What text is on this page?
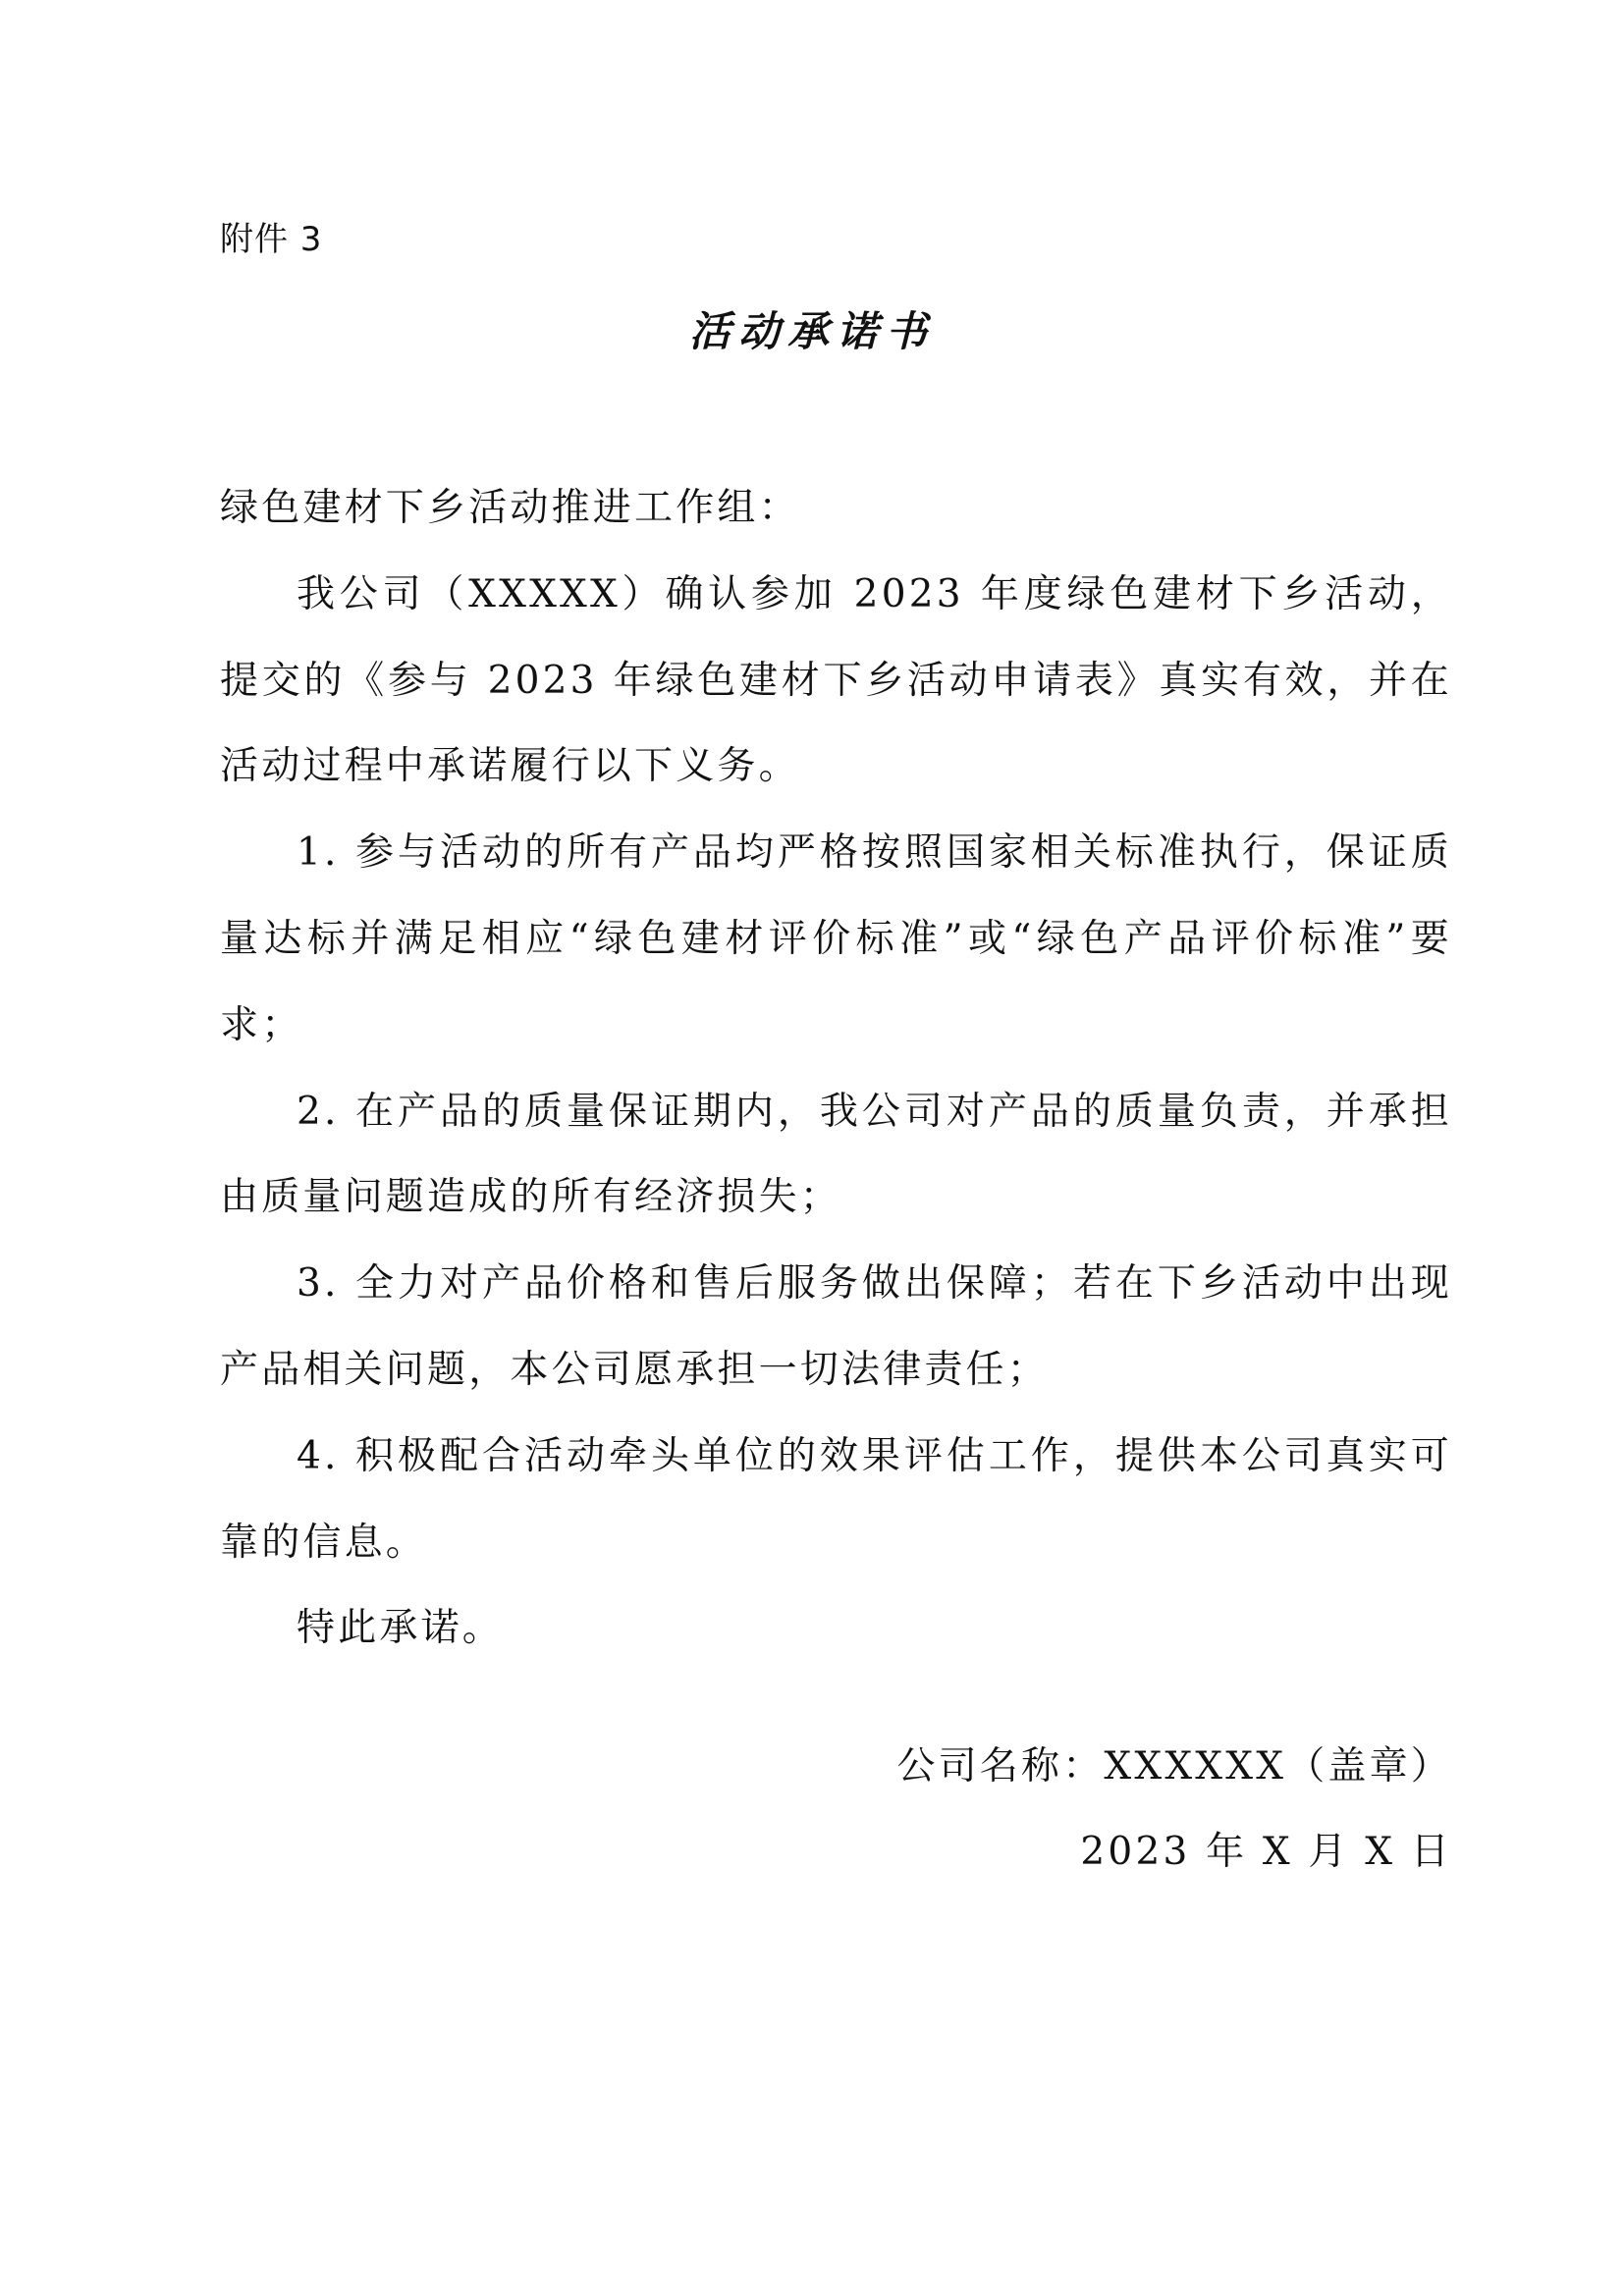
附件 3
活动承诺书

绿色建材下乡活动推进工作组：

我公司（XXXXX）确认参加 2023 年度绿色建材下乡活动，提交的《参与 2023 年绿色建材下乡活动申请表》真实有效，并在活动过程中承诺履行以下义务。

1. 参与活动的所有产品均严格按照国家相关标准执行，保证质量达标并满足相应“绿色建材评价标准”或“绿色产品评价标准”要求；

2. 在产品的质量保证期内，我公司对产品的质量负责，并承担由质量问题造成的所有经济损失；

3. 全力对产品价格和售后服务做出保障；若在下乡活动中出现产品相关问题，本公司愿承担一切法律责任；

4. 积极配合活动牵头单位的效果评估工作，提供本公司真实可靠的信息。

特此承诺。

公司名称：XXXXXX（盖章）
2023 年 X 月 X 日
